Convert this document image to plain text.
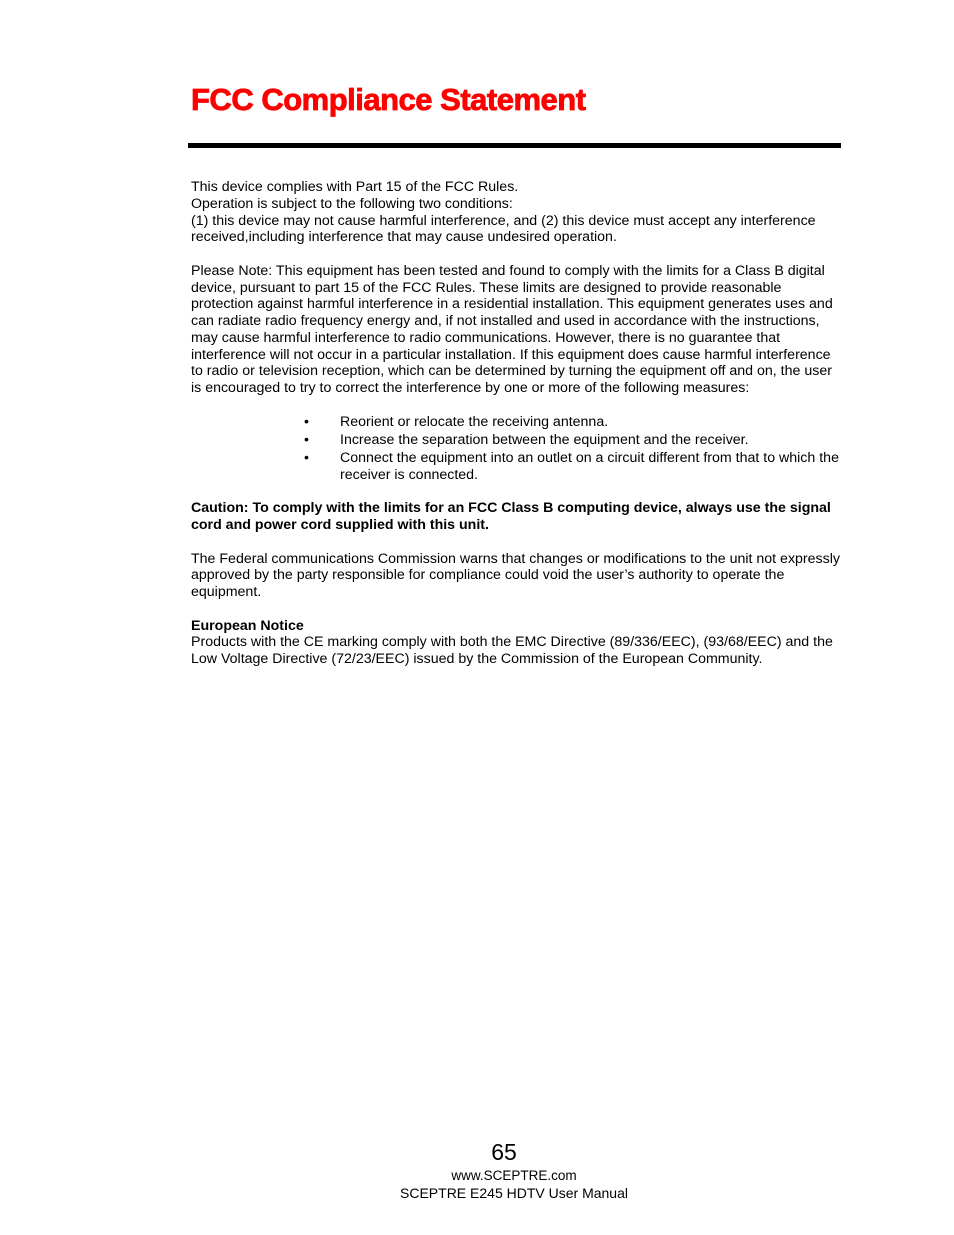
FCC Compliance Statement

This device complies with Part 15 of the FCC Rules.

Operation is subject to the following two conditions:

(1) this device may not cause harmful interference, and (2) this device must accept any interference received,including interference that may cause undesired operation.

Please Note: This equipment has been tested and found to comply with the limits for a Class B digital device, pursuant to part 15 of the FCC Rules. These limits are designed to provide reasonable protection against harmful interference in a residential installation. This equipment generates uses and can radiate radio frequency energy and, if not installed and used in accordance with the instructions, may cause harmful interference to radio communications. However, there is no guarantee that interference will not occur in a particular installation. If this equipment does cause harmful interference to radio or television reception, which can be determined by turning the equipment off and on, the user is encouraged to try to correct the interference by one or more of the following measures:

• Reorient or relocate the receiving antenna.
• Increase the separation between the equipment and the receiver.
• Connect the equipment into an outlet on a circuit different from that to which the receiver is connected.

Caution: To comply with the limits for an FCC Class B computing device, always use the signal cord and power cord supplied with this unit.

The Federal communications Commission warns that changes or modifications to the unit not expressly approved by the party responsible for compliance could void the user’s authority to operate the equipment.

European Notice

Products with the CE marking comply with both the EMC Directive (89/336/EEC), (93/68/EEC) and the Low Voltage Directive (72/23/EEC) issued by the Commission of the European Community.

65
www.SCEPTRE.com
SCEPTRE E245 HDTV User Manual
